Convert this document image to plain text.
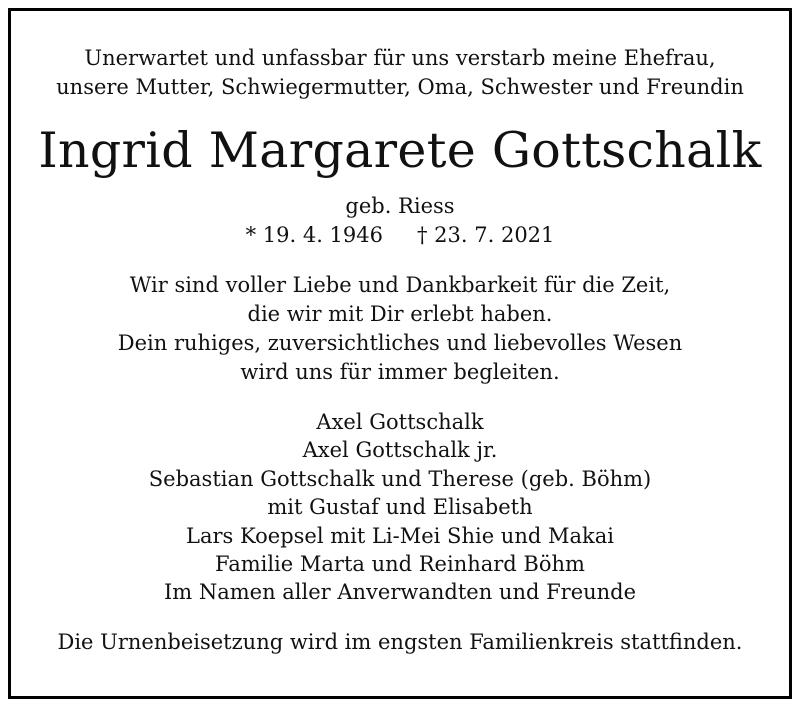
Unerwartet und unfassbar für uns verstarb meine Ehefrau,
unsere Mutter, Schwiegermutter, Oma, Schwester und Freundin
Ingrid Margarete Gottschalk
geb. Riess
* 19. 4. 1946 † 23. 7. 2021
Wir sind voller Liebe und Dankbarkeit für die Zeit,
die wir mit Dir erlebt haben.
Dein ruhiges, zuversichtliches und liebevolles Wesen
wird uns für immer begleiten.
Axel Gottschalk
Axel Gottschalk jr.
Sebastian Gottschalk und Therese (geb. Böhm)
mit Gustaf und Elisabeth
Lars Koepsel mit Li-Mei Shie und Makai
Familie Marta und Reinhard Böhm
Im Namen aller Anverwandten und Freunde
Die Urnenbeisetzung wird im engsten Familienkreis stattfinden.
